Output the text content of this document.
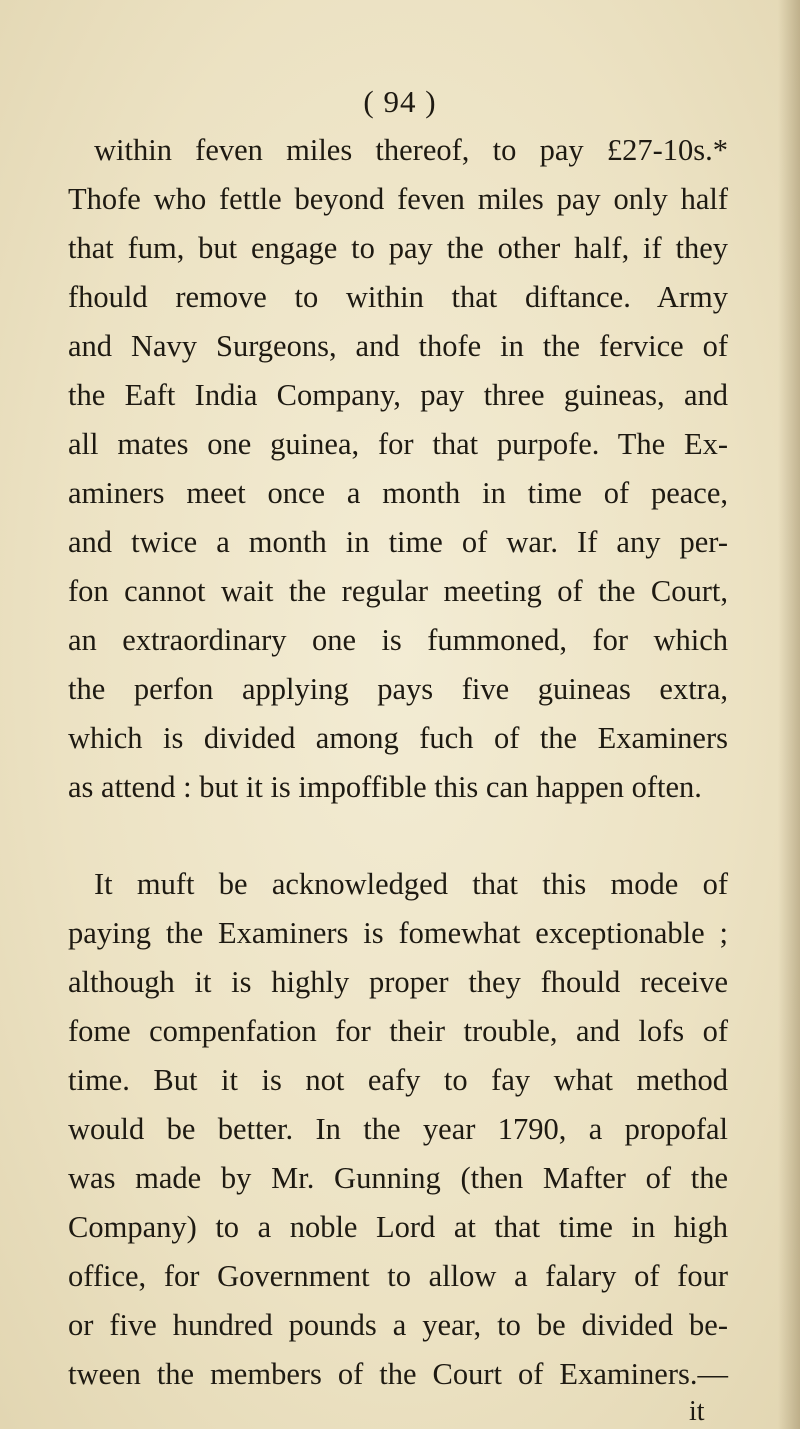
( 94 )
within feven miles thereof, to pay £27-10s.*
Thofe who fettle beyond feven miles pay only half
that fum, but engage to pay the other half, if they
fhould remove to within that diftance. Army
and Navy Surgeons, and thofe in the fervice of
the Eaft India Company, pay three guineas, and
all mates one guinea, for that purpofe. The Ex-
aminers meet once a month in time of peace,
and twice a month in time of war. If any per-
fon cannot wait the regular meeting of the Court,
an extraordinary one is fummoned, for which
the perfon applying pays five guineas extra,
which is divided among fuch of the Examiners
as attend : but it is impoffible this can happen often.
It muft be acknowledged that this mode of
paying the Examiners is fomewhat exceptionable ;
although it is highly proper they fhould receive
fome compenfation for their trouble, and lofs of
time. But it is not eafy to fay what method
would be better. In the year 1790, a propofal
was made by Mr. Gunning (then Mafter of the
Company) to a noble Lord at that time in high
office, for Government to allow a falary of four
or five hundred pounds a year, to be divided be-
tween the members of the Court of Examiners.—
it
